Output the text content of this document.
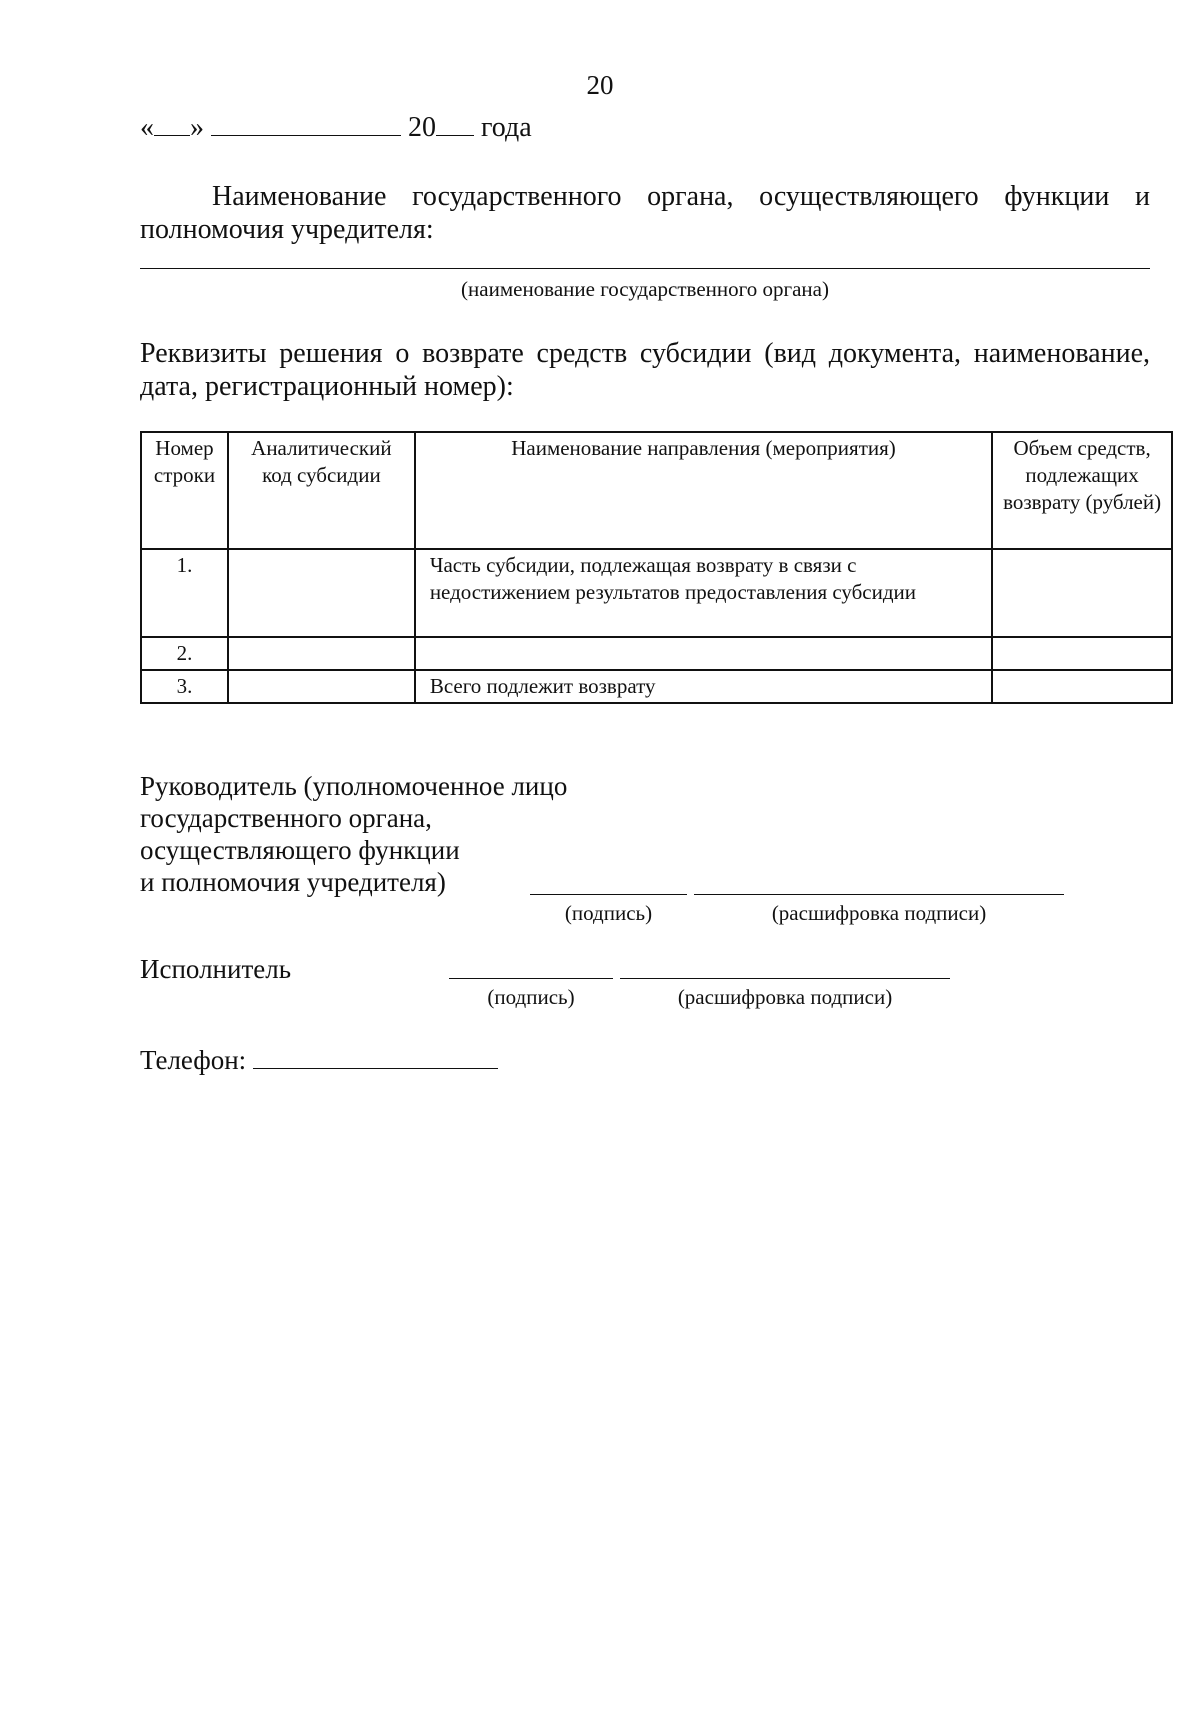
20
« »	20 года
Наименование государственного органа, осуществляющего функции и полномочия учредителя:
(наименование государственного органа)
Реквизиты решения о возврате средств субсидии (вид документа, наименование, дата, регистрационный номер):
Номер строки	Аналитический код субсидии	Наименование направления (мероприятия)	Объем средств, подлежащих возврату (рублей)
1.		Часть субсидии, подлежащая возврату в связи с недостижением результатов предоставления субсидии	
2.			
3.		Всего подлежит возврату	
Руководитель (уполномоченное лицо
государственного органа,
осуществляющего функции
и полномочия учредителя)
(подпись)	(расшифровка подписи)
Исполнитель
(подпись)	(расшифровка подписи)
Телефон:
